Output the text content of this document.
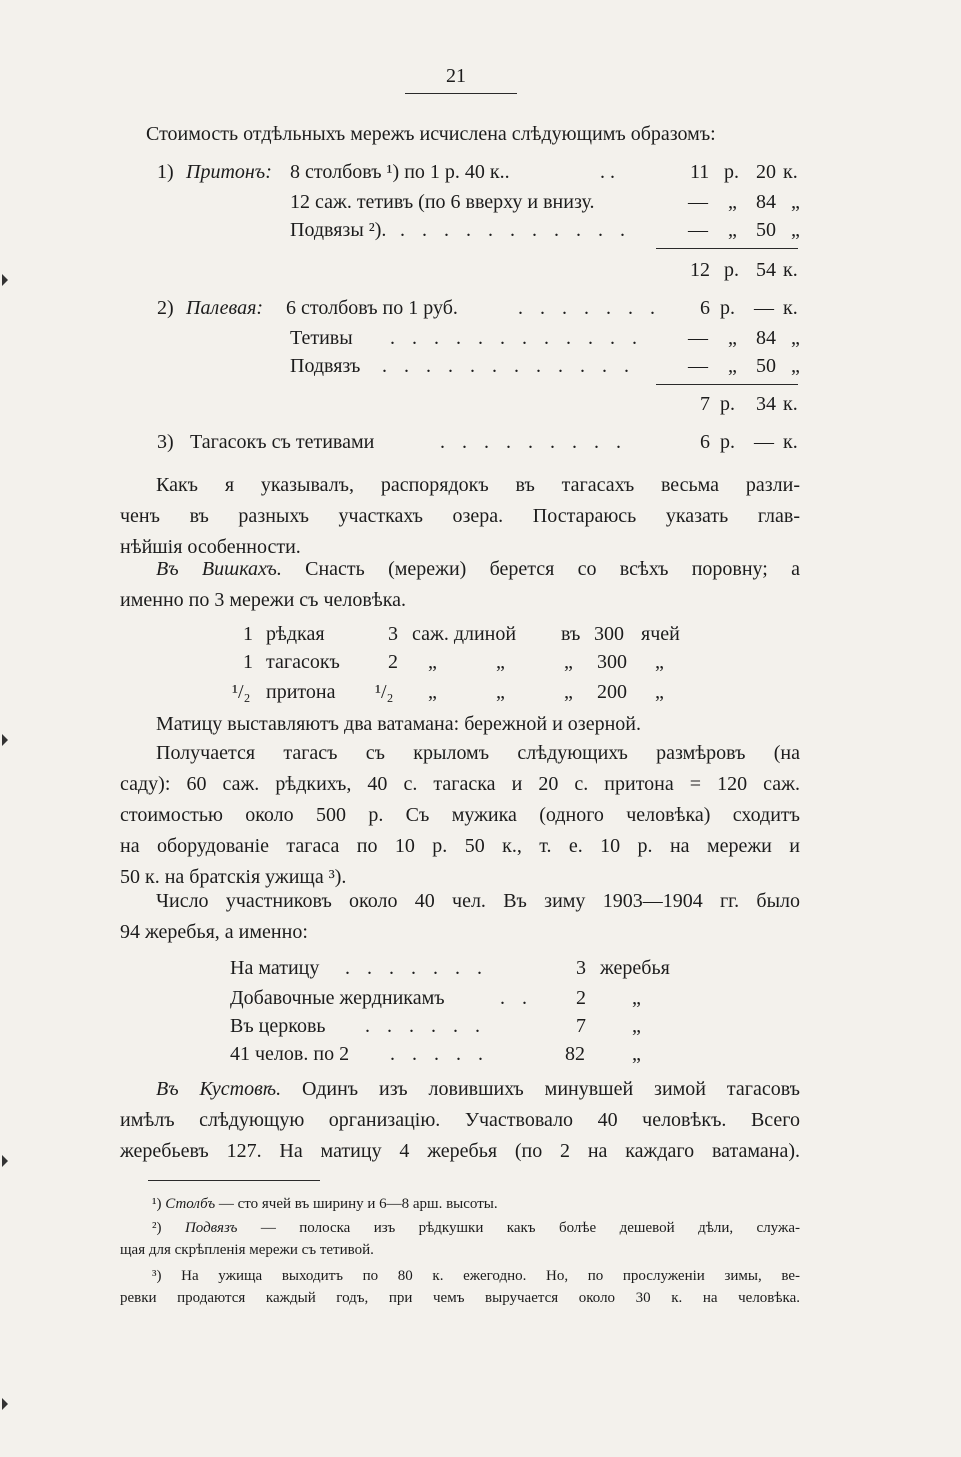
21
Стоимость отдѣльныхъ мережъ исчислена слѣдующимъ образомъ:
1) Притонъ: 8 столбовъ ¹) по 1 р. 40 к..	. .	11 р. 20 к.
12 саж. тетивъ (по 6 вверху и внизу.	— „ 84 „
Подвязы ²). . . . . . . . . . . .	— „ 50 „
12 р. 54 к.
2) Палевая: 6 столбовъ по 1 руб.	. . . . . . . 6 р. — к.
Тетивы . . . . . . . . . . . . — „ 84 „
Подвязъ . . . . . . . . . . . .	— „ 50 „
7 р. 34 к.
3) Тагасокъ съ тетивами	. . . . . . . . .	6 р. — к.
Какъ я указывалъ, распорядокъ въ тагасахъ весьма разли-
ченъ въ разныхъ участкахъ озера. Постараюсь указать глав-
нѣйшія особенности.
Въ Вишкахъ. Снасть (мережи) берется со всѣхъ поровну; а
именно по 3 мережи съ человѣка.
1 рѣдкая	3 саж. длиной въ 300 ячей
1 тагасокъ 2 „	„	„ 300 „
¹/₂ притона ¹/₂ „	„	„ 200 „
Матицу выставляютъ два ватамана: бережной и озерной.
Получается тагасъ съ крыломъ слѣдующихъ размѣровъ (на
саду): 60 саж. рѣдкихъ, 40 с. тагаска и 20 с. притона = 120 саж.
стоимостью около 500 р. Съ мужика (одного человѣка) сходитъ
на оборудованіе тагаса по 10 р. 50 к., т. е. 10 р. на мережи и
50 к. на братскія ужища ³).
Число участниковъ около 40 чел. Въ зиму 1903—1904 гг. было
94 жеребья, а именно:
На матицу . . . . . . .	3 жеребья
Добавочные жердникамъ	. . 2 „
Въ церковь . . . . . .	7 „
41 челов. по 2 . . . . .	82 „
Въ Кустовѣ. Одинъ изъ ловившихъ минувшей зимой тагасовъ
имѣлъ слѣдующую организацію. Участвовало 40 человѣкъ. Всего
жеребьевъ 127. На матицу 4 жеребья (по 2 на каждаго ватамана).
¹) Столбъ — сто ячей въ ширину и 6—8 арш. высоты.
²) Подвязъ — полоска изъ рѣдкушки какъ болѣе дешевой дѣли, служа-
щая для скрѣпленія мережи съ тетивой.
³) На ужища выходитъ по 80 к. ежегодно. Но, по прослуженіи зимы, ве-
ревки продаются каждый годъ, при чемъ выручается около 30 к. на человѣка.
